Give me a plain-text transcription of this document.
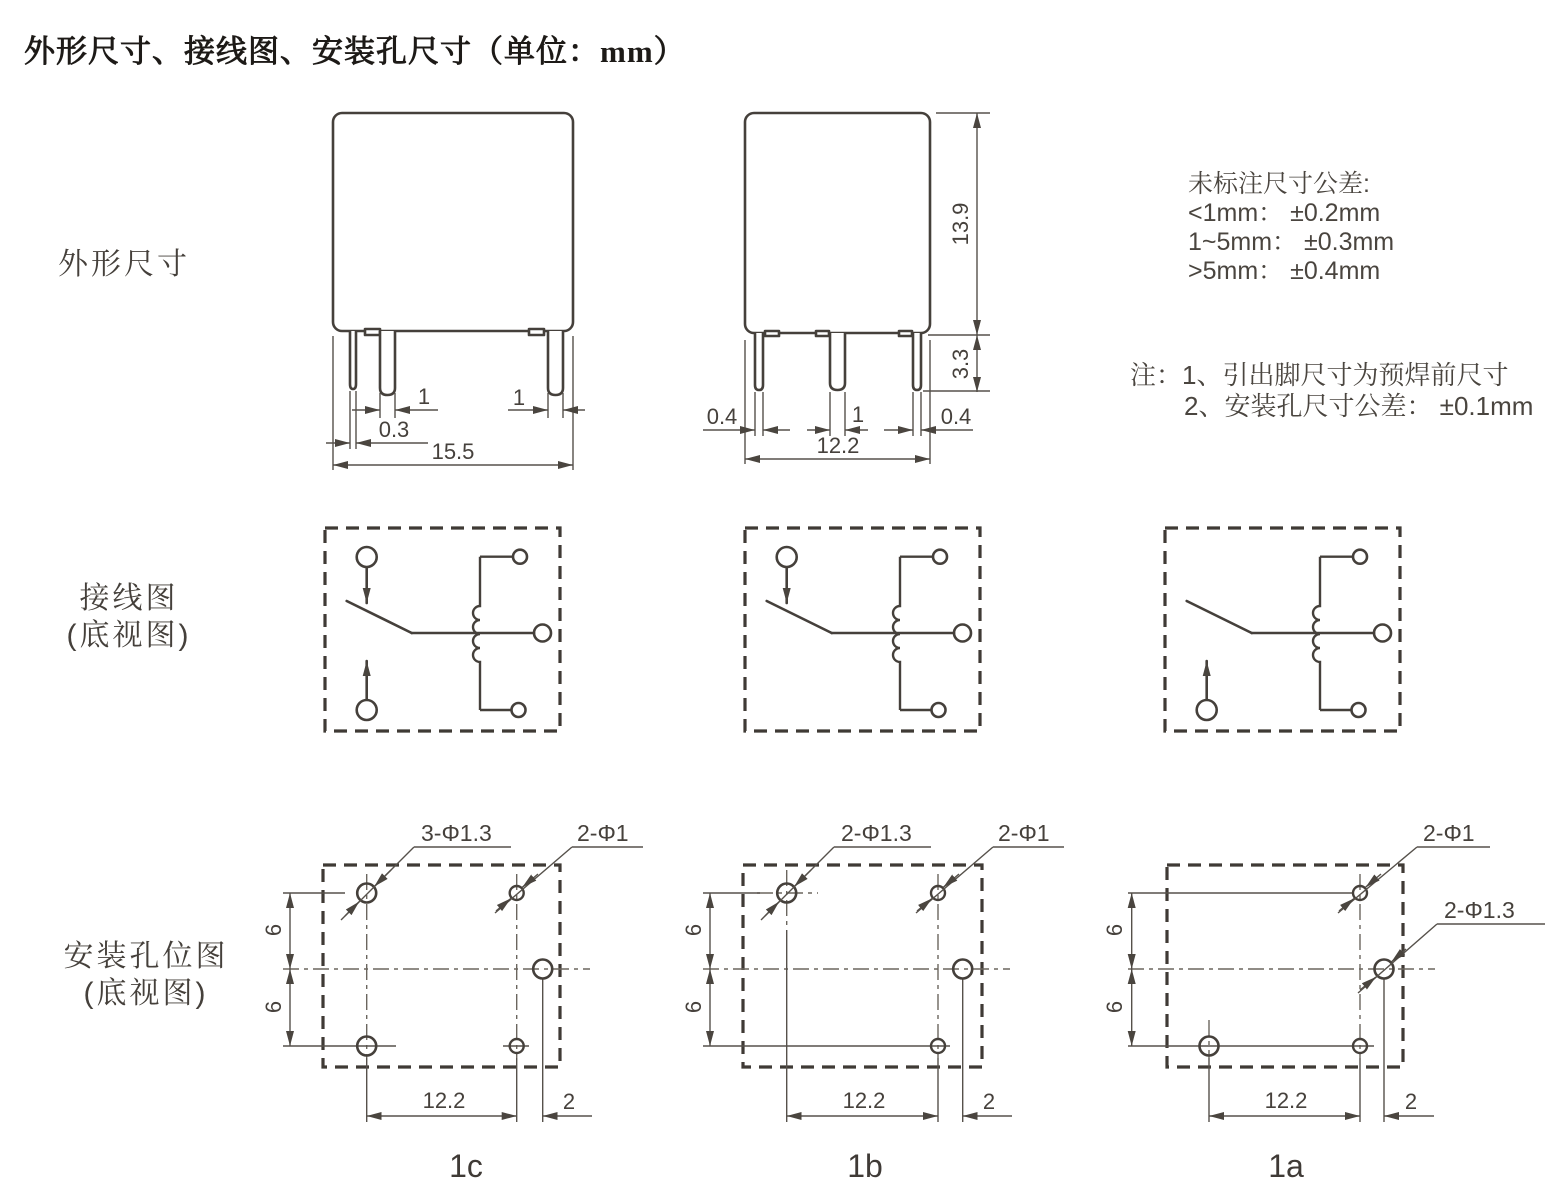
外形尺寸、接线图、安装孔尺寸（单位：mm）
外形尺寸
接线图
(底视图)
安装孔位图
(底视图)
未标注尺寸公差:
<1mm： ±0.2mm
1~5mm： ±0.3mm
>5mm： ±0.4mm
注： 1、引出脚尺寸为预焊前尺寸
2、安装孔尺寸公差： ±0.1mm
1	1
0.3
15.5
0.4	1	0.4
12.2
13.9
3.3
6
6
3-Φ1.3	2-Φ1
12.2	2
1c
6
6
2-Φ1.3	2-Φ1
12.2	2
1b
6
6
2-Φ1
2-Φ1.3
12.2	2
1a
